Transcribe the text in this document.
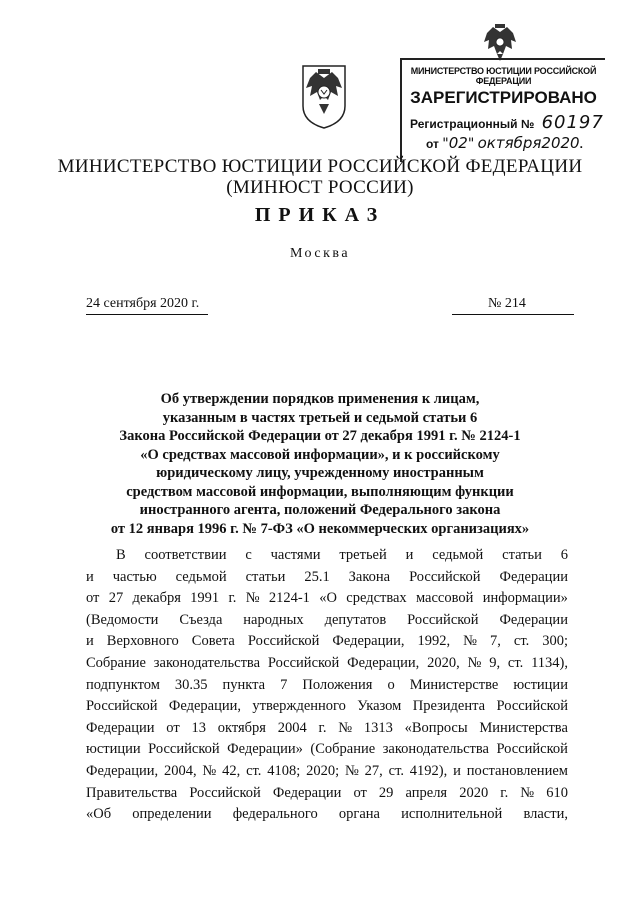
МИНИСТЕРСТВО ЮСТИЦИИ РОССИЙСКОЙ ФЕДЕРАЦИИ
ЗАРЕГИСТРИРОВАНО
Регистрационный № 60197
от "02" октября2020.
МИНИСТЕРСТВО ЮСТИЦИИ РОССИЙСКОЙ ФЕДЕРАЦИИ
(МИНЮСТ РОССИИ)
ПРИКАЗ
Москва
24 сентября 2020 г.	№ 214
Об утверждении порядков применения к лицам,
указанным в частях третьей и седьмой статьи 6
Закона Российской Федерации от 27 декабря 1991 г. № 2124-1
«О средствах массовой информации», и к российскому
юридическому лицу, учрежденному иностранным
средством массовой информации, выполняющим функции
иностранного агента, положений Федерального закона
от 12 января 1996 г. № 7-ФЗ «О некоммерческих организациях»
В соответствии с частями третьей и седьмой статьи 6
и частью седьмой статьи 25.1 Закона Российской Федерации
от 27 декабря 1991 г. № 2124-1 «О средствах массовой информации»
(Ведомости Съезда народных депутатов Российской Федерации
и Верховного Совета Российской Федерации, 1992, № 7, ст. 300;
Собрание законодательства Российской Федерации, 2020, № 9, ст. 1134),
подпунктом 30.35 пункта 7 Положения о Министерстве юстиции
Российской Федерации, утвержденного Указом Президента Российской
Федерации от 13 октября 2004 г. № 1313 «Вопросы Министерства
юстиции Российской Федерации» (Собрание законодательства Российской
Федерации, 2004, № 42, ст. 4108; 2020; № 27, ст. 4192), и постановлением
Правительства Российской Федерации от 29 апреля 2020 г. № 610
«Об определении федерального органа исполнительной власти,
